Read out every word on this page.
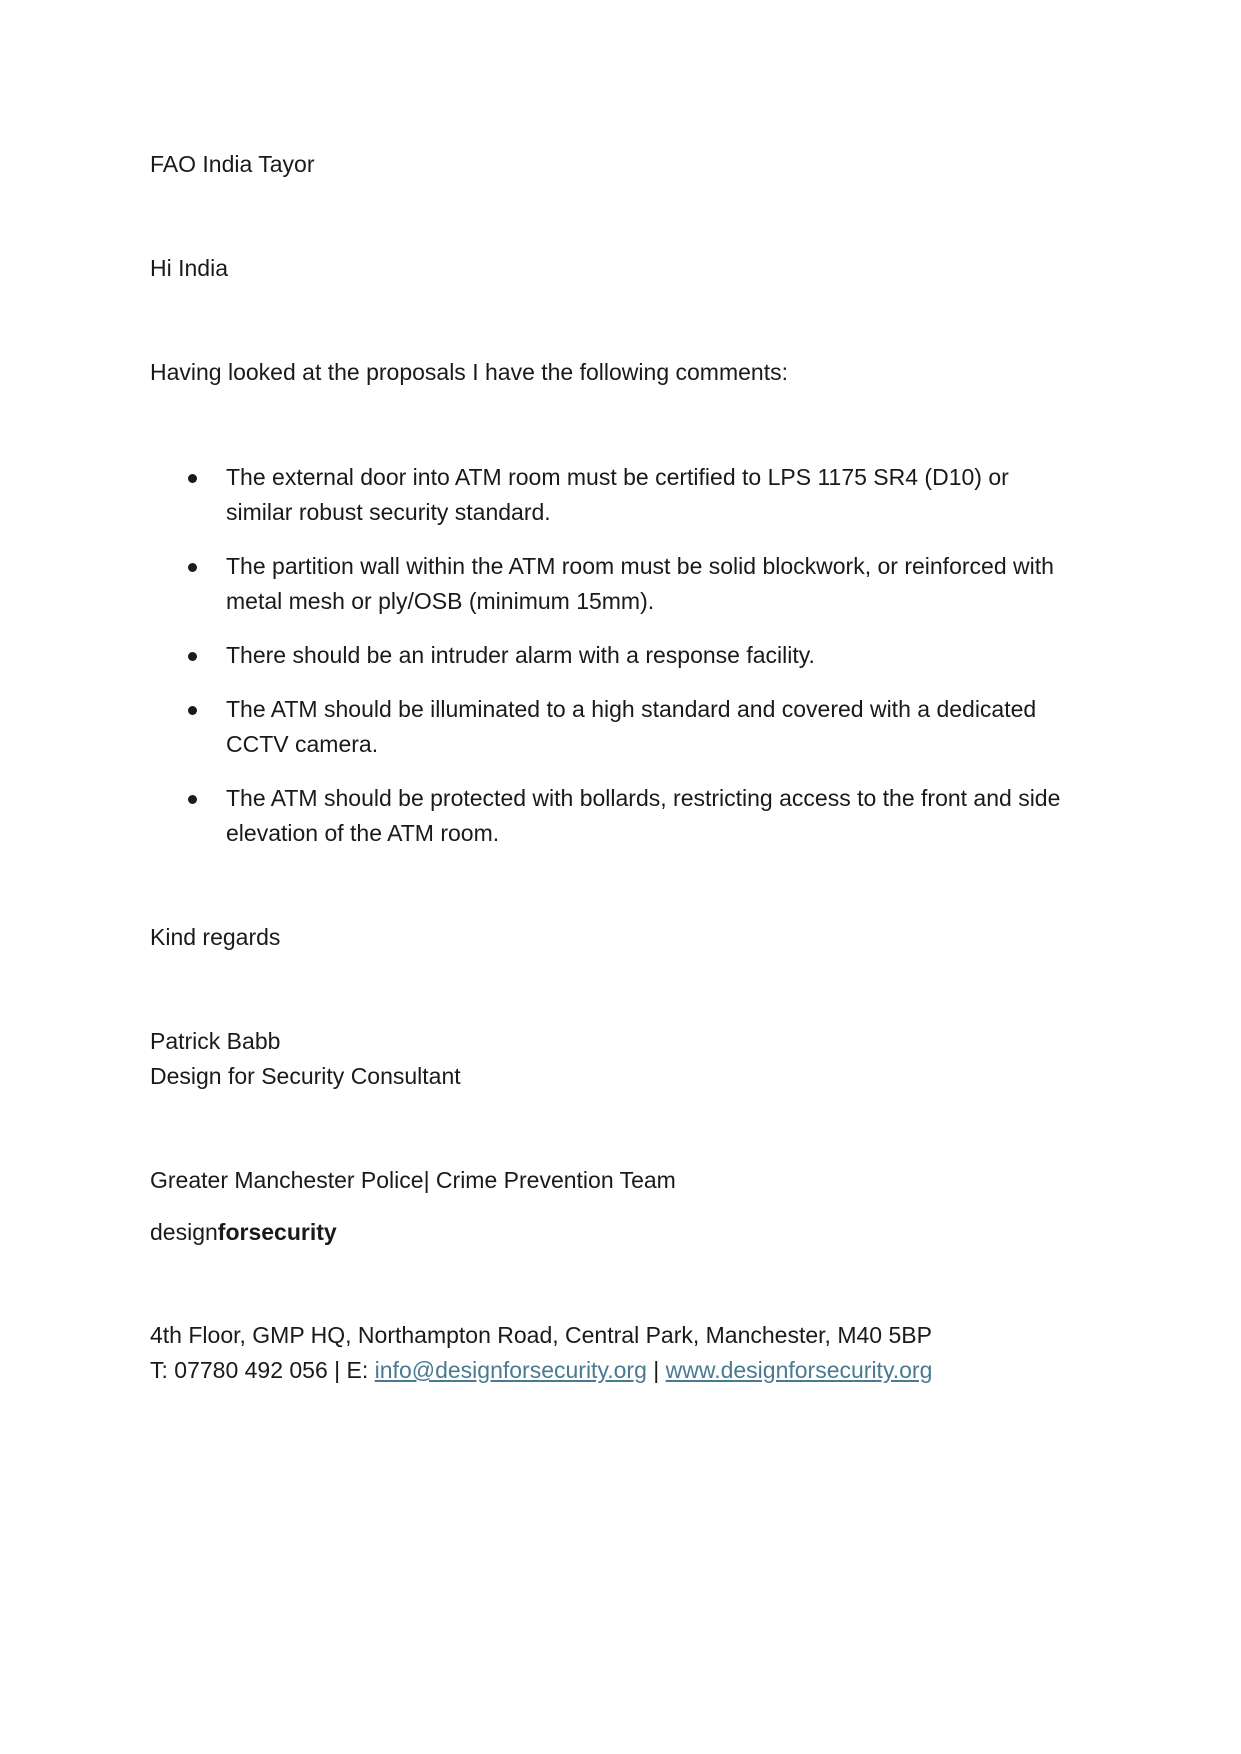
FAO India Tayor
Hi India
Having looked at the proposals I have the following comments:
The external door into ATM room must be certified to LPS 1175 SR4 (D10) or similar robust security standard.
The partition wall within the ATM room must be solid blockwork, or reinforced with metal mesh or ply/OSB (minimum 15mm).
There should be an intruder alarm with a response facility.
The ATM should be illuminated to a high standard and covered with a dedicated CCTV camera.
The ATM should be protected with bollards, restricting access to the front and side elevation of the ATM room.
Kind regards
Patrick Babb
Design for Security Consultant
Greater Manchester Police| Crime Prevention Team
designforsecurity
4th Floor, GMP HQ, Northampton Road, Central Park, Manchester, M40 5BP
T: 07780 492 056 | E: info@designforsecurity.org | www.designforsecurity.org
